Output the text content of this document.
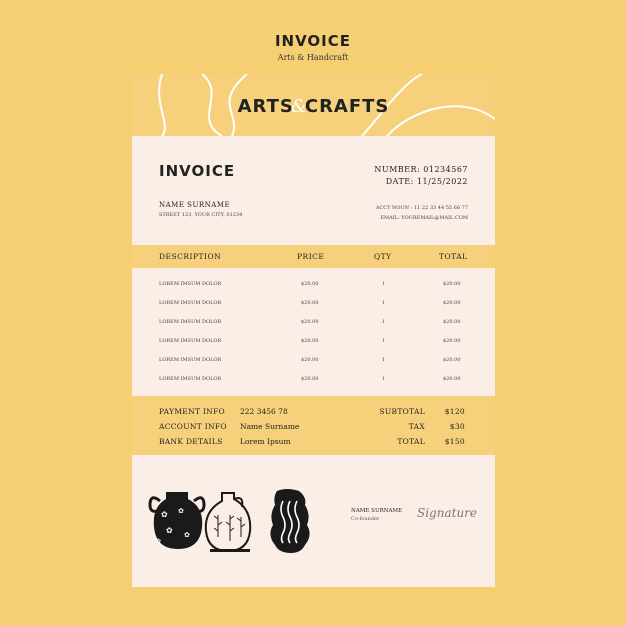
INVOICE
Arts & Handcraft
ARTS&CRAFTS
INVOICE	NUMBER: 01234567
DATE: 11/25/2022
NAME SURNAME
STREET 123, YOUR CITY, 01234
ACCT NOUN : 11 22 33 44 55 66 77
EMAIL: YOUREMAIL@MAIL.COM
DESCRIPTION	PRICE	QTY	TOTAL
LOREM IMSUM DOLOR	$20.00	1	$20.00
LOREM IMSUM DOLOR	$20.00	1	$20.00
LOREM IMSUM DOLOR	$20.00	1	$20.00
LOREM IMSUM DOLOR	$20.00	1	$20.00
LOREM IMSUM DOLOR	$20.00	1	$20.00
LOREM IMSUM DOLOR	$20.00	1	$20.00
PAYMENT INFO 222 3456 78
ACCOUNT INFO Name Surname
BANK DETAILS Lorem Ipsum
SUBTOTAL	$120
TAX	$30
TOTAL	$150
✿ ✿
✿ ✿
✿
NAME SURNAME
Co-founder	Signature
